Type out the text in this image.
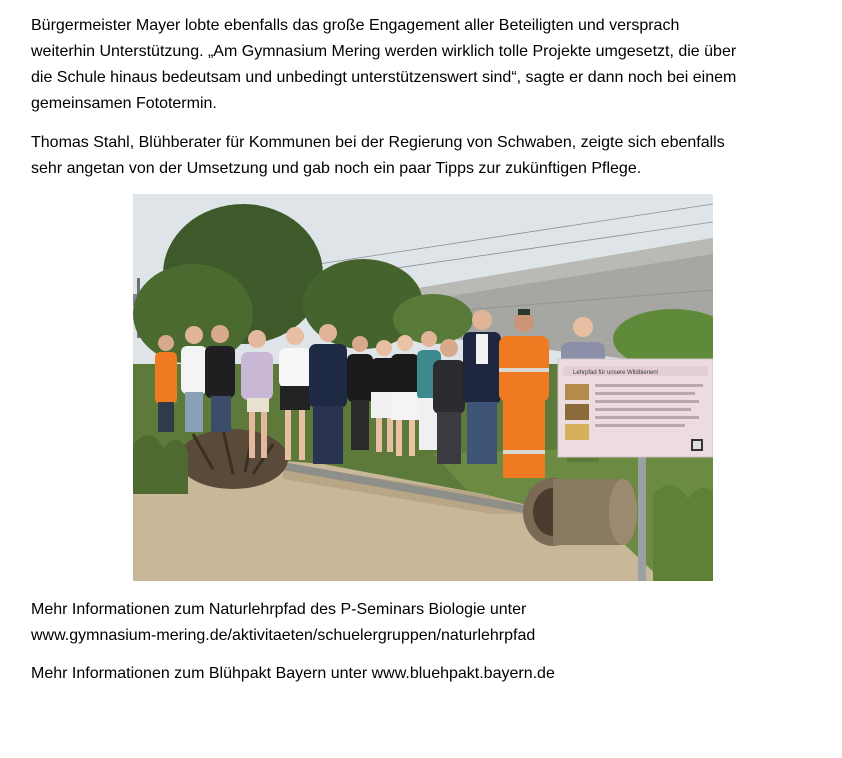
Bürgermeister Mayer lobte ebenfalls das große Engagement aller Beteiligten und versprach
weiterhin Unterstützung. „Am Gymnasium Mering werden wirklich tolle Projekte umgesetzt, die über
die Schule hinaus bedeutsam und unbedingt unterstützenswert sind“, sagte er dann noch bei einem
gemeinsamen Fototermin.
Thomas Stahl, Blühberater für Kommunen bei der Regierung von Schwaben, zeigte sich ebenfalls
sehr angetan von der Umsetzung und gab noch ein paar Tipps zur zukünftigen Pflege.
Lehrpfad für unsere Wildbienen!
Mehr Informationen zum Naturlehrpfad des P-Seminars Biologie unter
www.gymnasium-mering.de/aktivitaeten/schuelergruppen/naturlehrpfad
Mehr Informationen zum Blühpakt Bayern unter www.bluehpakt.bayern.de
